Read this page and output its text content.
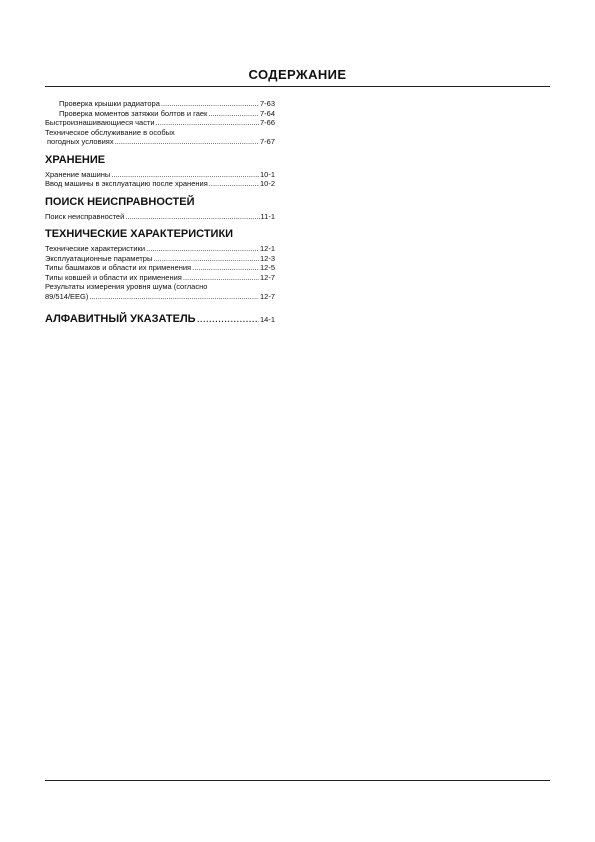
СОДЕРЖАНИЕ
Проверка крышки радиатора .....	7-63
Проверка моментов затяжки болтов и гаек .....	7-64
Быстроизнашивающиеся части .....	7-66
Техническое обслуживание в особых
погодных условиях .....	7-67
ХРАНЕНИЕ
Хранение машины .....	10-1
Ввод машины в эксплуатацию после хранения .....	10-2
ПОИСК НЕИСПРАВНОСТЕЙ
Поиск неисправностей .....	11-1
ТЕХНИЧЕСКИЕ ХАРАКТЕРИСТИКИ
Технические характеристики .....	12-1
Эксплуатационные параметры .....	12-3
Типы башмаков и области их применения .....	12-5
Типы ковшей и области их применения .....	12-7
Результаты измерения уровня шума (согласно
89/514/EEG) .....	12-7
АЛФАВИТНЫЙ УКАЗАТЕЛЬ .....	14-1
